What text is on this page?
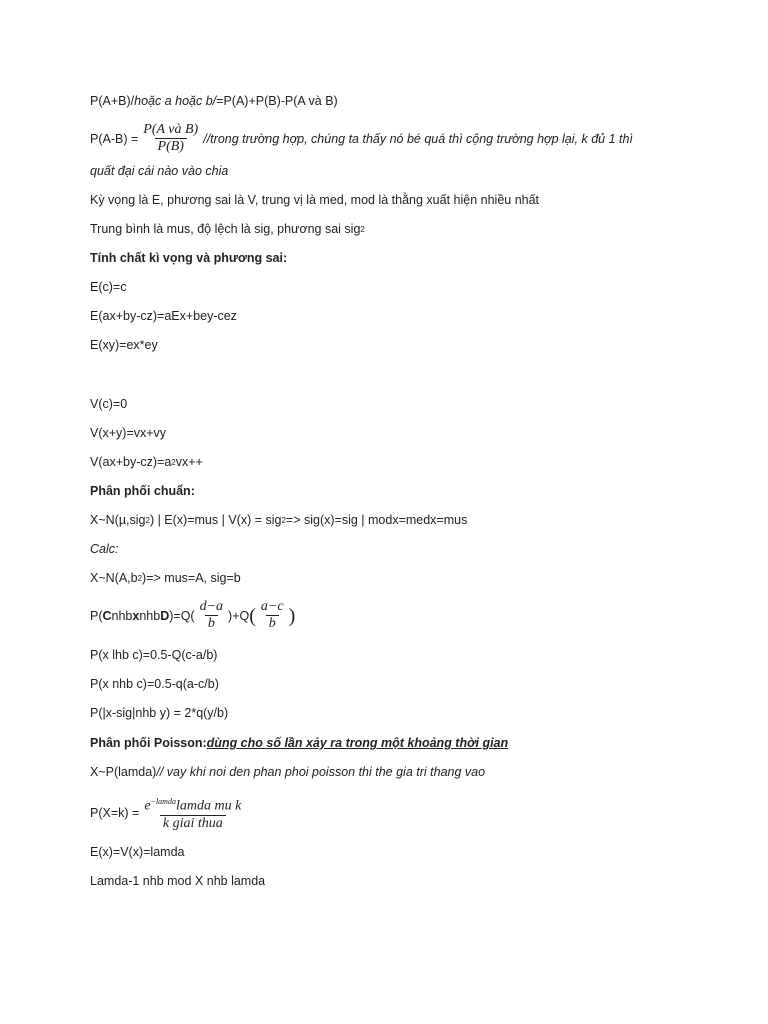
P(A+B)/ hoặc a hoặc b/ =P(A)+P(B)-P(A và B)
$P(A-B) = \frac{\text{P(A và B)}}{P(B)}$ //trong trường hợp, chúng ta thấy nó bé quá thì cộng trường hợp lại, k đủ 1 thì
quất đại cái nào vào chia
Kỳ vọng là E, phương sai là V, trung vị là med, mod là thằng xuất hiện nhiều nhất
Trung bình là mus, độ lệch là sig, phương sai sig 2
Tính chất kì vọng và phương sai:
E(c)=c
E(ax+by-cz)=aEx+bey-cez
E(xy)=ex*ey
V(c)=0
V(x+y)=vx+vy
V(ax+by-cz)=a 2 vx++
Phân phối chuẩn:
X~N(µ,sig 2 ) | E(x)=mus | V(x) = sig 2 => sig(x)=sig | modx=medx=mus
Calc:
X~N(A,b 2 )=> mus=A, sig=b
P( C nhb x nhb D )$=Q( \frac{d-a}{b} )+Q$ ( $\frac{a-c}{b}$ )
P(x lhb c)=0.5-Q(c-a/b)
P(x nhb c)=0.5-q(a-c/b)
P(|x-sig|nhb y) = 2*q(y/b)
Phân phối Poisson: dùng cho số lần xảy ra trong một khoảng thời gian
X~P(lamda) // vay khi noi den phan phoi poisson thi the gia tri thang vao
$P(X=k) = \frac{e^{-lamda}lamda mu k}{\text{k giai thua}}$
E(x)=V(x)=lamda
Lamda-1 nhb mod X nhb lamda
